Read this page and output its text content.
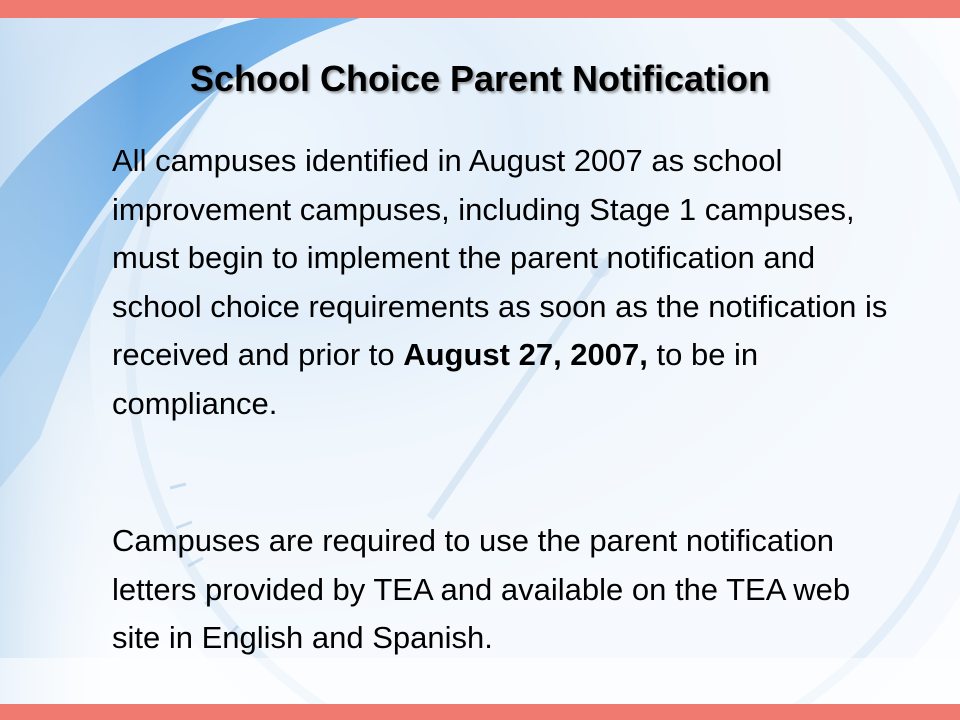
School Choice Parent Notification

All campuses identified in August 2007 as school improvement campuses, including Stage 1 campuses, must begin to implement the parent notification and school choice requirements as soon as the notification is received and prior to August 27, 2007, to be in compliance.

Campuses are required to use the parent notification letters provided by TEA and available on the TEA web site in English and Spanish.
